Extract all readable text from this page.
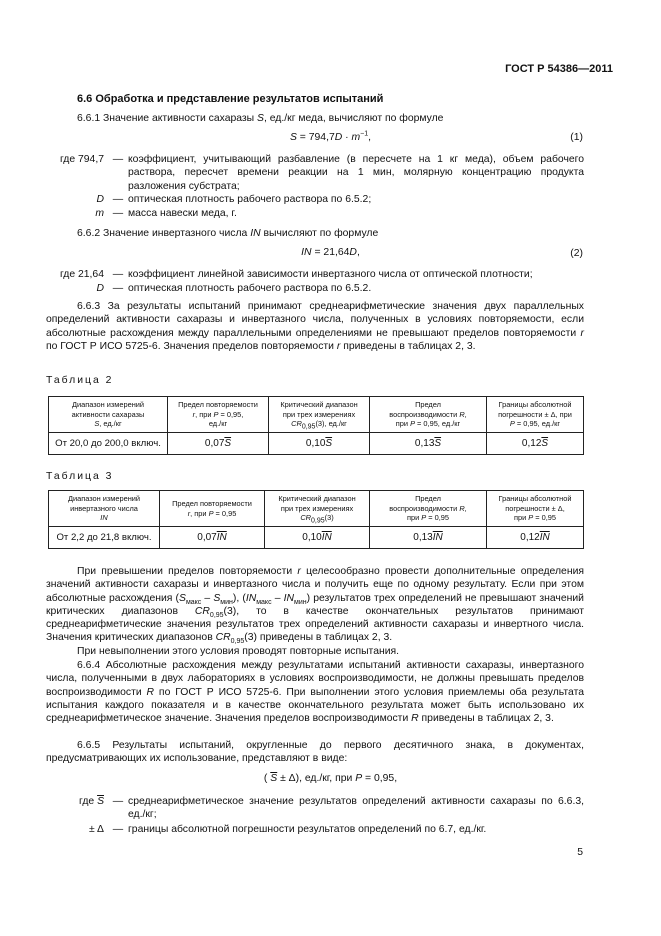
ГОСТ Р 54386—2011
6.6 Обработка и представление результатов испытаний
6.6.1 Значение активности сахаразы S, ед./кг меда, вычисляют по формуле
$S = 794,7D \cdot m^{-1}$,	(1)
где 794,7 — коэффициент, учитывающий разбавление (в пересчете на 1 кг меда), объем рабочего раствора, пересчет времени реакции на 1 мин, молярную концентрацию продукта разложения субстрата;
D — оптическая плотность рабочего раствора по 6.5.2;
m — масса навески меда, г.
6.6.2 Значение инвертазного числа IN вычисляют по формуле
IN = 21,64D,	(2)
где 21,64 — коэффициент линейной зависимости инвертазного числа от оптической плотности;
D — оптическая плотность рабочего раствора по 6.5.2.
6.6.3 За результаты испытаний принимают среднеарифметические значения двух параллельных определений активности сахаразы и инвертазного числа, полученных в условиях повторяемости, если абсолютные расхождения между параллельными определениями не превышают пределов повторяемости r по ГОСТ Р ИСО 5725-6. Значения пределов повторяемости r приведены в таблицах 2, 3.
Таблица 2
Диапазон измерений
активности сахаразы
S, ед./кг	Предел повторяемости
r, при P = 0,95,
ед./кг	Критический диапазон
при трех измерениях
$CR_{0,95}(3)$, ед./кг	Предел
воспроизводимости R,
при P = 0,95, ед./кг	Границы абсолютной
погрешности ± Δ, при
P = 0,95, ед./кг
От 20,0 до 200,0 включ.	$0,07\overline{S}$	$0,10\overline{S}$	$0,13\overline{S}$	$0,12\overline{S}$
Таблица 3
Диапазон измерений
инвертазного числа
IN	Предел повторяемости
r, при P = 0,95	Критический диапазон
при трех измерениях
$CR_{0,95}(3)$	Предел
воспроизводимости R,
при P = 0,95	Границы абсолютной
погрешности ± Δ,
при P = 0,95
От 2,2 до 21,8 включ.	$0,07\overline{IN}$	$0,10\overline{IN}$	$0,13\overline{IN}$	$0,12\overline{IN}$
При превышении пределов повторяемости r целесообразно провести дополнительные определения значений активности сахаразы и инвертазного числа и получить еще по одному результату. Если при этом абсолютные расхождения $(S_{макс} - S_{мин})$, $(IN_{макс} - IN_{мин})$ результатов трех определений не превышают значений критических диапазонов $CR_{0,95}(3)$, то в качестве окончательных результатов принимают среднеарифметические значения результатов трех определений активности сахаразы и инвертного числа. Значения критических диапазонов $CR_{0,95}(3)$ приведены в таблицах 2, 3.
При невыполнении этого условия проводят повторные испытания.
6.6.4 Абсолютные расхождения между результатами испытаний активности сахаразы, инвертазного числа, полученными в двух лабораториях в условиях воспроизводимости, не должны превышать пределов воспроизводимости R по ГОСТ Р ИСО 5725-6. При выполнении этого условия приемлемы оба результата испытания каждого показателя и в качестве окончательного результата может быть использовано их среднеарифметическое значение. Значения пределов воспроизводимости R приведены в таблицах 2, 3.
6.6.5 Результаты испытаний, округленные до первого десятичного знака, в документах, предусматривающих их использование, представляют в виде:
( $\overline{S} \pm \Delta$), ед./кг, при P = 0,95,
где $\overline{S}$ — среднеарифметическое значение результатов определений активности сахаразы по 6.6.3, ед./кг;
± Δ — границы абсолютной погрешности результатов определений по 6.7, ед./кг.
5
